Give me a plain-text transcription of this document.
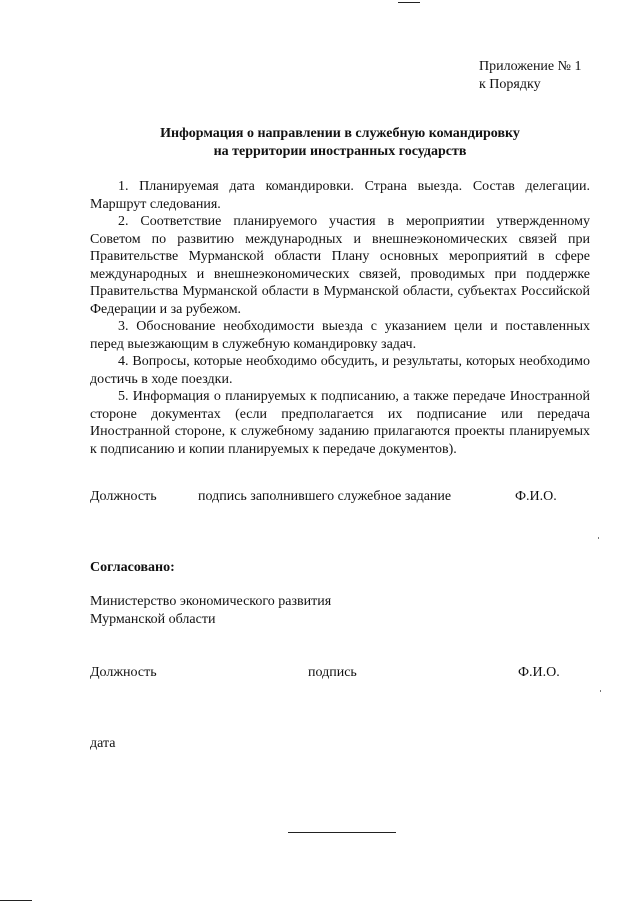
Приложение № 1
к Порядку
Информация о направлении в служебную командировку
на территории иностранных государств

1. Планируемая дата командировки. Страна выезда. Состав делегации. Маршрут следования.

2. Соответствие планируемого участия в мероприятии утвержденному Советом по развитию международных и внешнеэкономических связей при Правительстве Мурманской области Плану основных мероприятий в сфере международных и внешнеэкономических связей, проводимых при поддержке Правительства Мурманской области в Мурманской области, субъектах Российской Федерации и за рубежом.

3. Обоснование необходимости выезда с указанием цели и поставленных перед выезжающим в служебную командировку задач.

4. Вопросы, которые необходимо обсудить, и результаты, которых необходимо достичь в ходе поездки.

5. Информация о планируемых к подписанию, а также передаче Иностранной стороне документах (если предполагается их подписание или передача Иностранной стороне, к служебному заданию прилагаются проекты планируемых к подписанию и копии планируемых к передаче документов).

Должность	подпись заполнившего служебное задание	Ф.И.О.
Согласовано:
Министерство экономического развития
Мурманской области
Должность	подпись	Ф.И.О.
дата
